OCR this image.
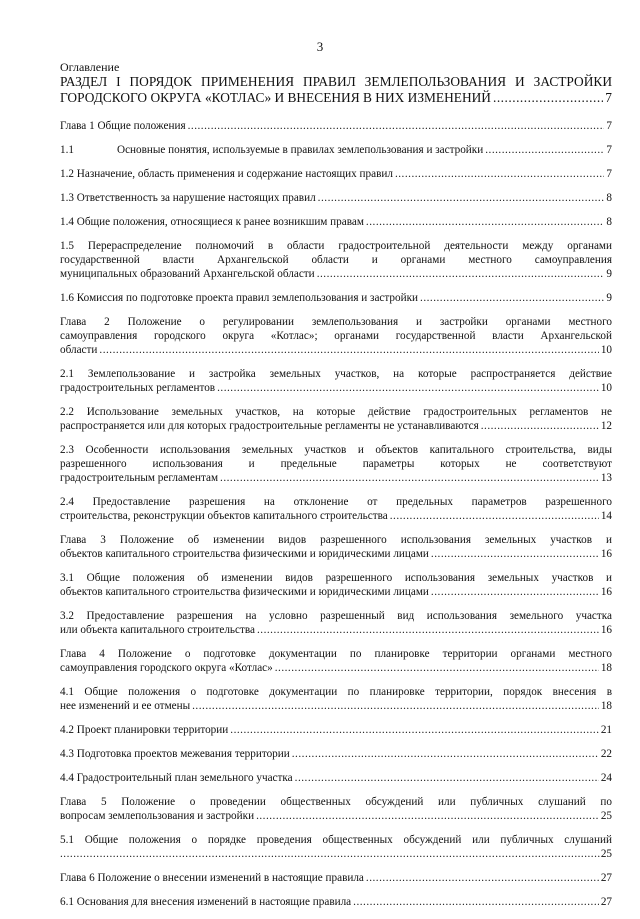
3
Оглавление
РАЗДЕЛ I ПОРЯДОК ПРИМЕНЕНИЯ ПРАВИЛ ЗЕМЛЕПОЛЬЗОВАНИЯ И ЗАСТРОЙКИ
ГОРОДСКОГО ОКРУГА «КОТЛАС» И ВНЕСЕНИЯ В НИХ ИЗМЕНЕНИЙ .....	7
Глава 1 Общие положения .....	7
1.1	Основные понятия, используемые в правилах землепользования и застройки .....	7
1.2 Назначение, область применения и содержание настоящих правил .....	7
1.3 Ответственность за нарушение настоящих правил .....	8
1.4 Общие положения, относящиеся к ранее возникшим правам .....	8
1.5 Перераспределение полномочий в области градостроительной деятельности между органами
государственной власти Архангельской области и органами местного самоуправления
муниципальных образований Архангельской области .....	9
1.6 Комиссия по подготовке проекта правил землепользования и застройки .....	9
Глава 2 Положение о регулировании землепользования и застройки органами местного
самоуправления городского округа «Котлас»; органами государственной власти Архангельской
области .....	10
2.1 Землепользование и застройка земельных участков, на которые распространяется действие
градостроительных регламентов .....	10
2.2 Использование земельных участков, на которые действие градостроительных регламентов не
распространяется или для которых градостроительные регламенты не устанавливаются .....	12
2.3 Особенности использования земельных участков и объектов капитального строительства, виды
разрешенного использования и предельные параметры которых не соответствуют
градостроительным регламентам .....	13
2.4 Предоставление разрешения на отклонение от предельных параметров разрешенного
строительства, реконструкции объектов капитального строительства .....	14
Глава 3 Положение об изменении видов разрешенного использования земельных участков и
объектов капитального строительства физическими и юридическими лицами .....	16
3.1 Общие положения об изменении видов разрешенного использования земельных участков и
объектов капитального строительства физическими и юридическими лицами .....	16
3.2 Предоставление разрешения на условно разрешенный вид использования земельного участка
или объекта капитального строительства .....	16
Глава 4 Положение о подготовке документации по планировке территории органами местного
самоуправления городского округа «Котлас» .....	18
4.1 Общие положения о подготовке документации по планировке территории, порядок внесения в
нее изменений и ее отмены .....	18
4.2 Проект планировки территории .....	21
4.3 Подготовка проектов межевания территории .....	22
4.4 Градостроительный план земельного участка .....	24
Глава 5 Положение о проведении общественных обсуждений или публичных слушаний по
вопросам землепользования и застройки .....	25
5.1 Общие положения о порядке проведения общественных обсуждений или публичных слушаний
.....
25
Глава 6 Положение о внесении изменений в настоящие правила .....	27
6.1 Основания для внесения изменений в настоящие правила .....	27
